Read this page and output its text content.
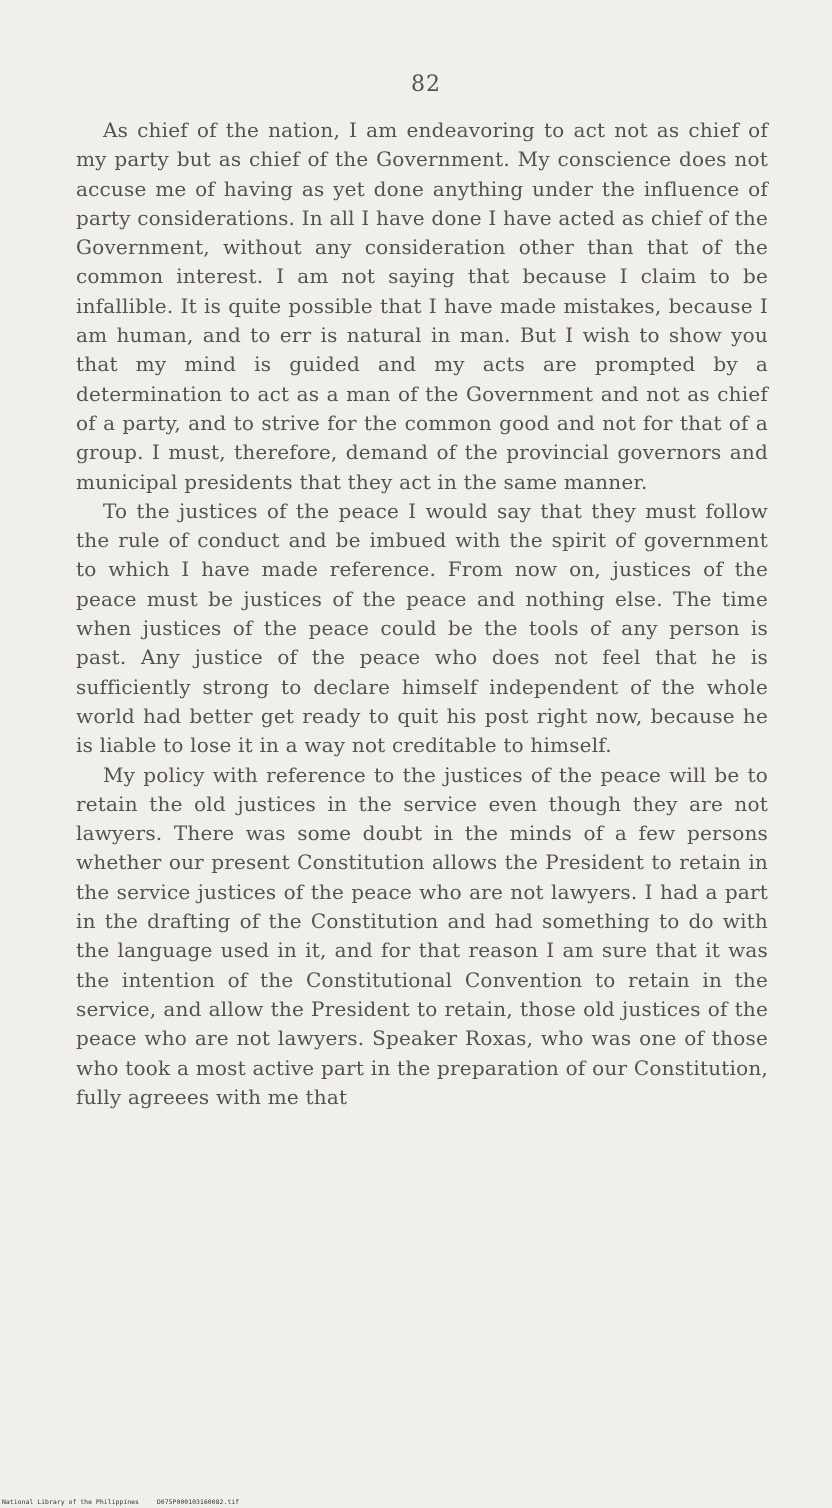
82

As chief of the nation, I am endeavoring to act not as chief of my party but as chief of the Government. My conscience does not accuse me of having as yet done anything under the influence of party considerations. In all I have done I have acted as chief of the Government, without any consideration other than that of the common interest. I am not saying that because I claim to be infallible. It is quite possible that I have made mistakes, because I am human, and to err is natural in man. But I wish to show you that my mind is guided and my acts are prompted by a determination to act as a man of the Government and not as chief of a party, and to strive for the common good and not for that of a group. I must, therefore, demand of the provincial governors and municipal presidents that they act in the same manner.

To the justices of the peace I would say that they must follow the rule of conduct and be imbued with the spirit of government to which I have made reference. From now on, justices of the peace must be justices of the peace and nothing else. The time when justices of the peace could be the tools of any person is past. Any justice of the peace who does not feel that he is sufficiently strong to declare himself independent of the whole world had better get ready to quit his post right now, because he is liable to lose it in a way not creditable to himself.

My policy with reference to the justices of the peace will be to retain the old justices in the service even though they are not lawyers. There was some doubt in the minds of a few persons whether our present Constitution allows the President to retain in the service justices of the peace who are not lawyers. I had a part in the drafting of the Constitution and had something to do with the language used in it, and for that reason I am sure that it was the intention of the Constitutional Convention to retain in the service, and allow the President to retain, those old justices of the peace who are not lawyers. Speaker Roxas, who was one of those who took a most active part in the preparation of our Constitution, fully agreees with me that

National Library of the Philippines	D075P000103160082.tif
